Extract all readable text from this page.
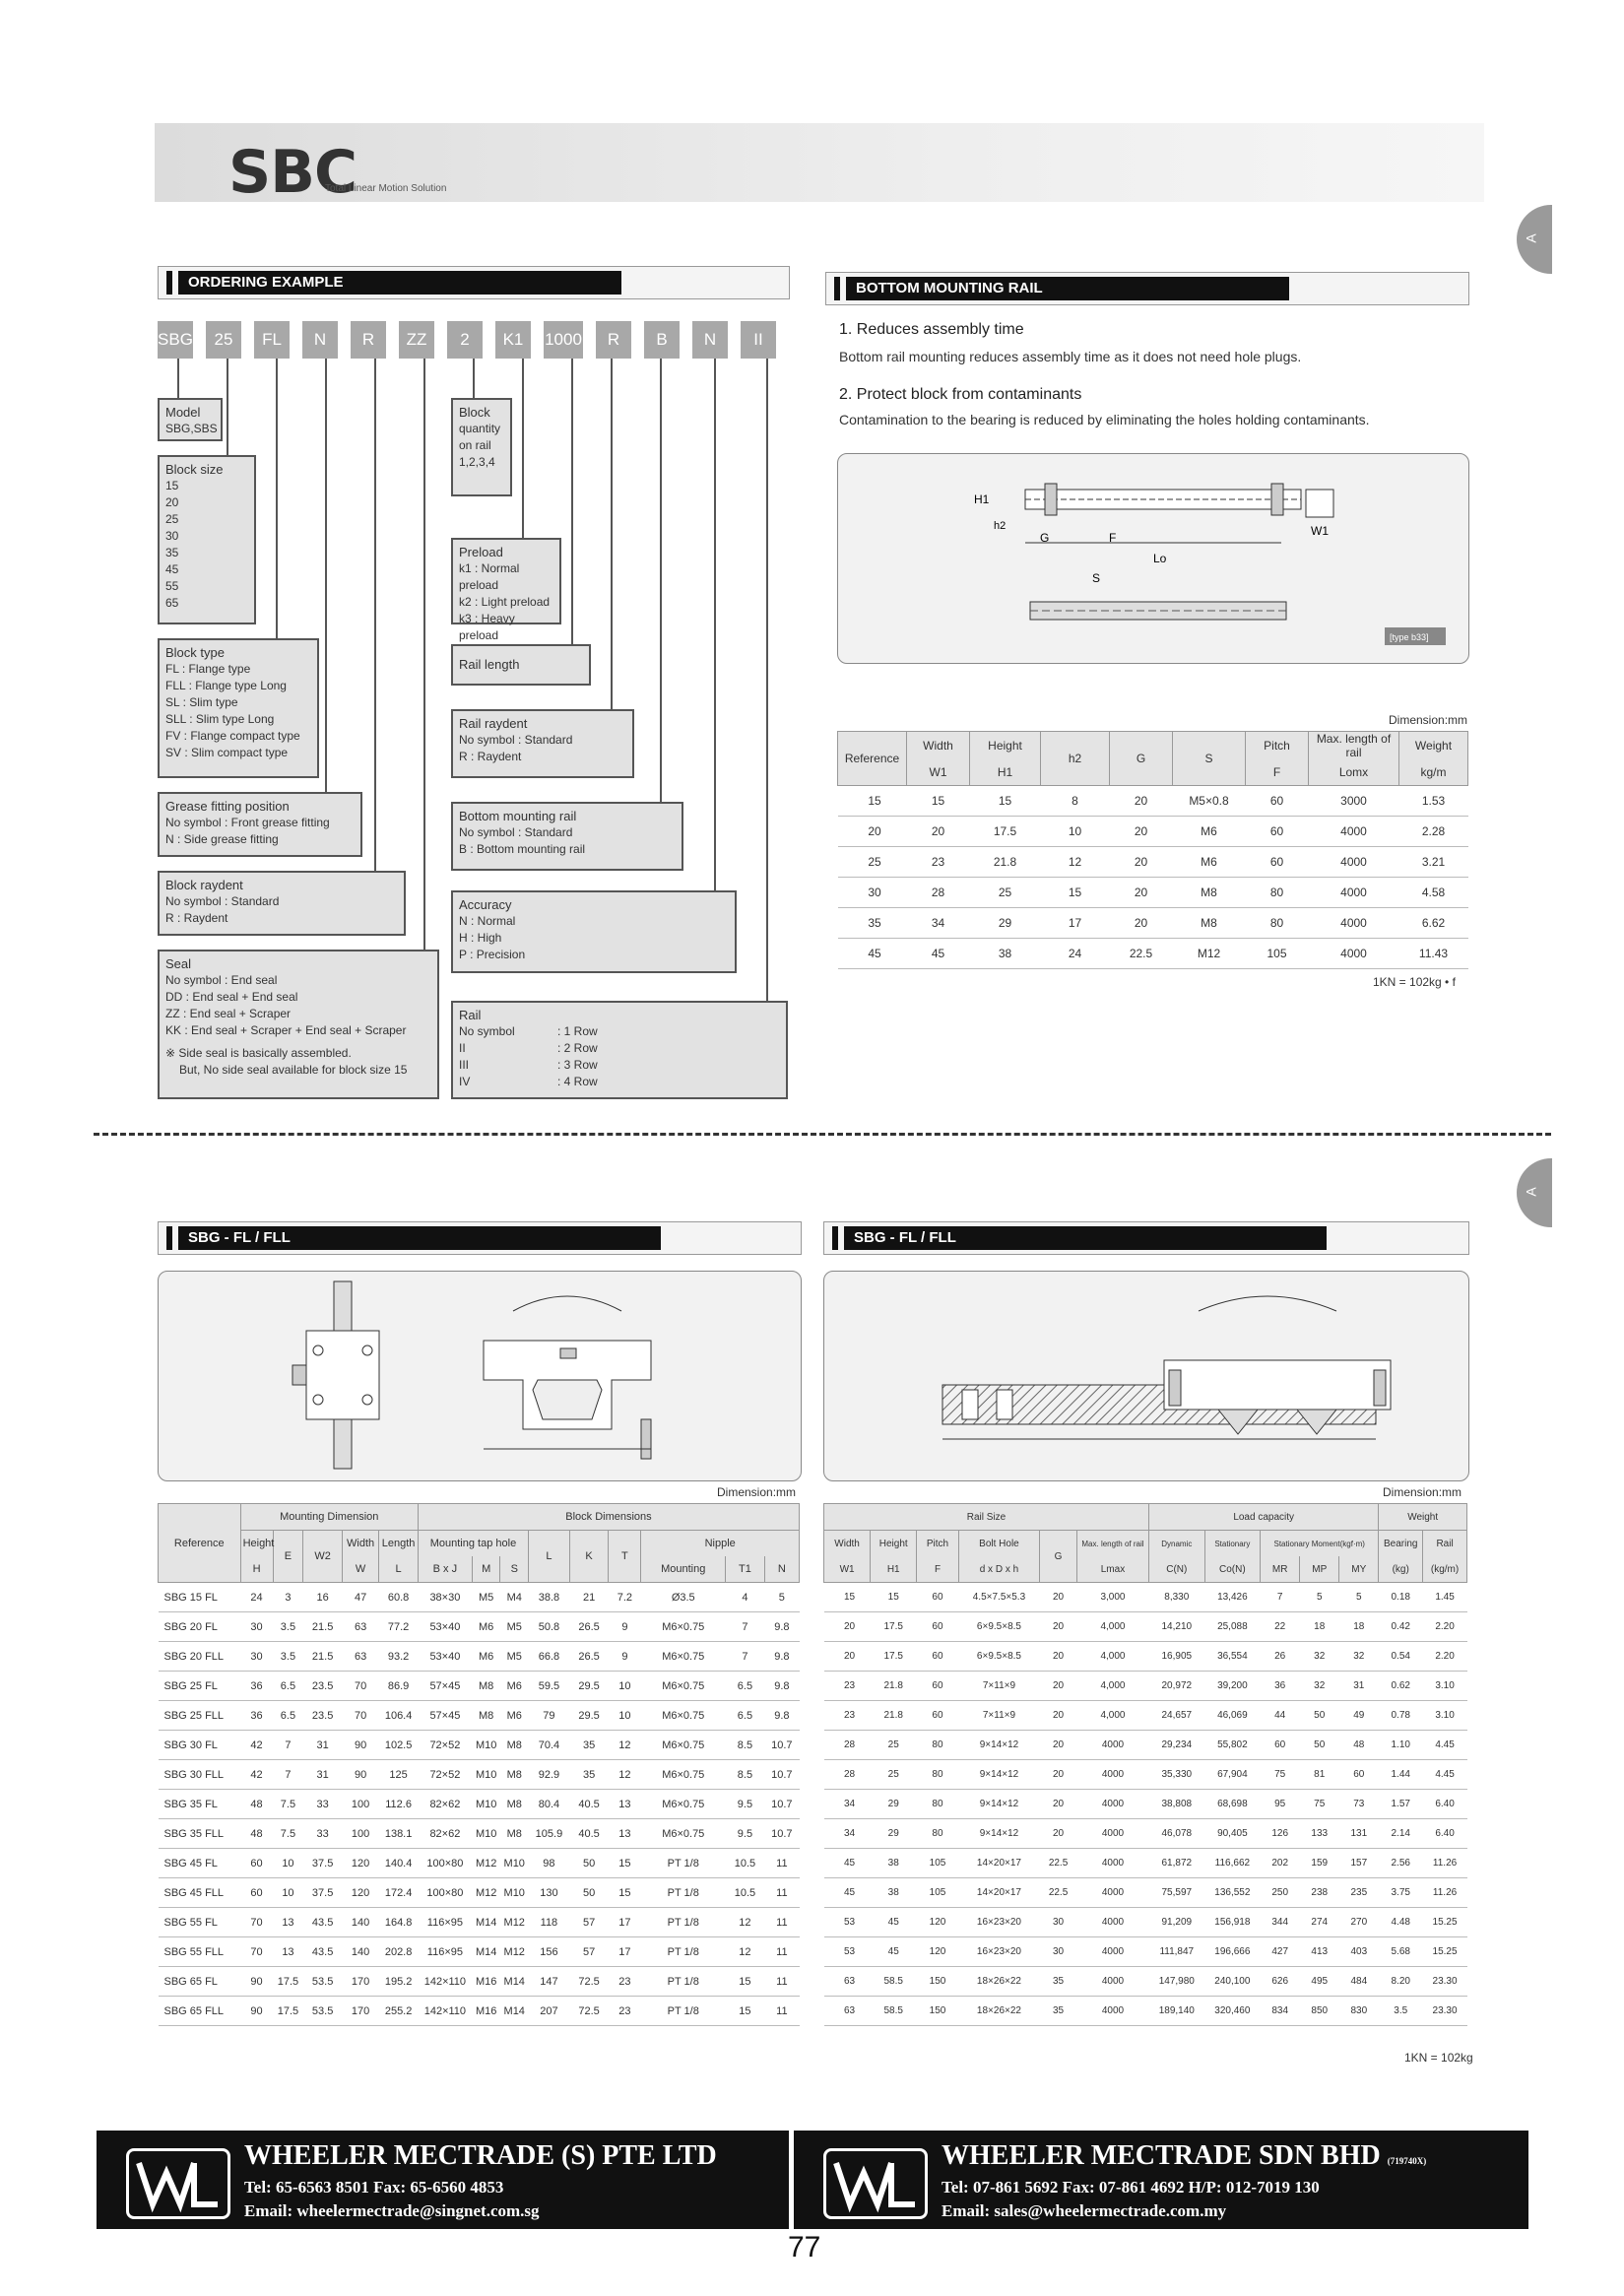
SBC
Total Linear Motion Solution
A
A
ORDERING EXAMPLE
SBG	25	FL	N	R	ZZ	2	K1	1000	R	B	N	II
Model
SBG,SBS
Block size
15
20
25
30
35
45
55
65
Block type
FL : Flange type
FLL : Flange type Long
SL : Slim type
SLL : Slim type Long
FV : Flange compact type
SV : Slim compact type
Grease fitting position
No symbol : Front grease fitting
N : Side grease fitting
Block raydent
No symbol : Standard
R : Raydent
Seal
No symbol : End seal
DD : End seal + End seal
ZZ : End seal + Scraper
KK : End seal + Scraper + End seal + Scraper
※ Side seal is basically assembled.
But, No side seal available for block size 15
Block
quantity
on rail
1,2,3,4
Preload
k1 : Normal preload
k2 : Light preload
k3 : Heavy preload
Rail length
Rail raydent
No symbol : Standard
R : Raydent
Bottom mounting rail
No symbol : Standard
B : Bottom mounting rail
Accuracy
N : Normal
H : High
P : Precision
Rail
No symbol	: 1 Row
II	: 2 Row
III	: 3 Row
IV	: 4 Row
BOTTOM MOUNTING RAIL
1. Reduces assembly time
Bottom rail mounting reduces assembly time as it does not need hole plugs.
2. Protect block from contaminants
Contamination to the bearing is reduced by eliminating the holes holding contaminants.
H1
h2
G	F
Lo
S
W1
[type b33]
Dimension:mm
Reference	Width	Height	h2	G	S	Pitch	Max. length of rail	Weight
	W1	H1				F	Lomx	kg/m
15	15	15	8	20	M5×0.8	60	3000	1.53
20	20	17.5	10	20	M6	60	4000	2.28
25	23	21.8	12	20	M6	60	4000	3.21
30	28	25	15	20	M8	80	4000	4.58
35	34	29	17	20	M8	80	4000	6.62
45	45	38	24	22.5	M12	105	4000	11.43
1KN = 102kg • f
SBG - FL / FLL
Dimension:mm
Reference	Mounting Dimension					Block Dimensions								
	Height	E	W2	Width	Length	Mounting tap hole			L	K	T	Nipple		
	H			W	L	B x J	M	S				Mounting	T1	N
SBG 15 FL	24	3	16	47	60.8	38×30	M5	M4	38.8	21	7.2	Ø3.5	4	5
SBG 20 FL	30	3.5	21.5	63	77.2	53×40	M6	M5	50.8	26.5	9	M6×0.75	7	9.8
SBG 20 FLL	30	3.5	21.5	63	93.2	53×40	M6	M5	66.8	26.5	9	M6×0.75	7	9.8
SBG 25 FL	36	6.5	23.5	70	86.9	57×45	M8	M6	59.5	29.5	10	M6×0.75	6.5	9.8
SBG 25 FLL	36	6.5	23.5	70	106.4	57×45	M8	M6	79	29.5	10	M6×0.75	6.5	9.8
SBG 30 FL	42	7	31	90	102.5	72×52	M10	M8	70.4	35	12	M6×0.75	8.5	10.7
SBG 30 FLL	42	7	31	90	125	72×52	M10	M8	92.9	35	12	M6×0.75	8.5	10.7
SBG 35 FL	48	7.5	33	100	112.6	82×62	M10	M8	80.4	40.5	13	M6×0.75	9.5	10.7
SBG 35 FLL	48	7.5	33	100	138.1	82×62	M10	M8	105.9	40.5	13	M6×0.75	9.5	10.7
SBG 45 FL	60	10	37.5	120	140.4	100×80	M12	M10	98	50	15	PT 1/8	10.5	11
SBG 45 FLL	60	10	37.5	120	172.4	100×80	M12	M10	130	50	15	PT 1/8	10.5	11
SBG 55 FL	70	13	43.5	140	164.8	116×95	M14	M12	118	57	17	PT 1/8	12	11
SBG 55 FLL	70	13	43.5	140	202.8	116×95	M14	M12	156	57	17	PT 1/8	12	11
SBG 65 FL	90	17.5	53.5	170	195.2	142×110	M16	M14	147	72.5	23	PT 1/8	15	11
SBG 65 FLL	90	17.5	53.5	170	255.2	142×110	M16	M14	207	72.5	23	PT 1/8	15	11
SBG - FL / FLL
Dimension:mm
Rail Size						Load capacity					Weight	
Width	Height	Pitch	Bolt Hole	G	Max. length of rail	Dynamic	Stationary	Stationary Moment(kgf·m)			Bearing	Rail
W1	H1	F	d x D x h		Lmax	C(N)	Co(N)	MR	MP	MY	(kg)	(kg/m)
15	15	60	4.5×7.5×5.3	20	3,000	8,330	13,426	7	5	5	0.18	1.45
20	17.5	60	6×9.5×8.5	20	4,000	14,210	25,088	22	18	18	0.42	2.20
20	17.5	60	6×9.5×8.5	20	4,000	16,905	36,554	26	32	32	0.54	2.20
23	21.8	60	7×11×9	20	4,000	20,972	39,200	36	32	31	0.62	3.10
23	21.8	60	7×11×9	20	4,000	24,657	46,069	44	50	49	0.78	3.10
28	25	80	9×14×12	20	4000	29,234	55,802	60	50	48	1.10	4.45
28	25	80	9×14×12	20	4000	35,330	67,904	75	81	60	1.44	4.45
34	29	80	9×14×12	20	4000	38,808	68,698	95	75	73	1.57	6.40
34	29	80	9×14×12	20	4000	46,078	90,405	126	133	131	2.14	6.40
45	38	105	14×20×17	22.5	4000	61,872	116,662	202	159	157	2.56	11.26
45	38	105	14×20×17	22.5	4000	75,597	136,552	250	238	235	3.75	11.26
53	45	120	16×23×20	30	4000	91,209	156,918	344	274	270	4.48	15.25
53	45	120	16×23×20	30	4000	111,847	196,666	427	413	403	5.68	15.25
63	58.5	150	18×26×22	35	4000	147,980	240,100	626	495	484	8.20	23.30
63	58.5	150	18×26×22	35	4000	189,140	320,460	834	850	830	3.5	23.30
1KN = 102kg
WHEELER MECTRADE (S) PTE LTD
Tel: 65-6563 8501 Fax: 65-6560 4853
Email: wheelermectrade@singnet.com.sg
WHEELER MECTRADE SDN BHD (719740X)
Tel: 07-861 5692 Fax: 07-861 4692 H/P: 012-7019 130
Email: sales@wheelermectrade.com.my
77
